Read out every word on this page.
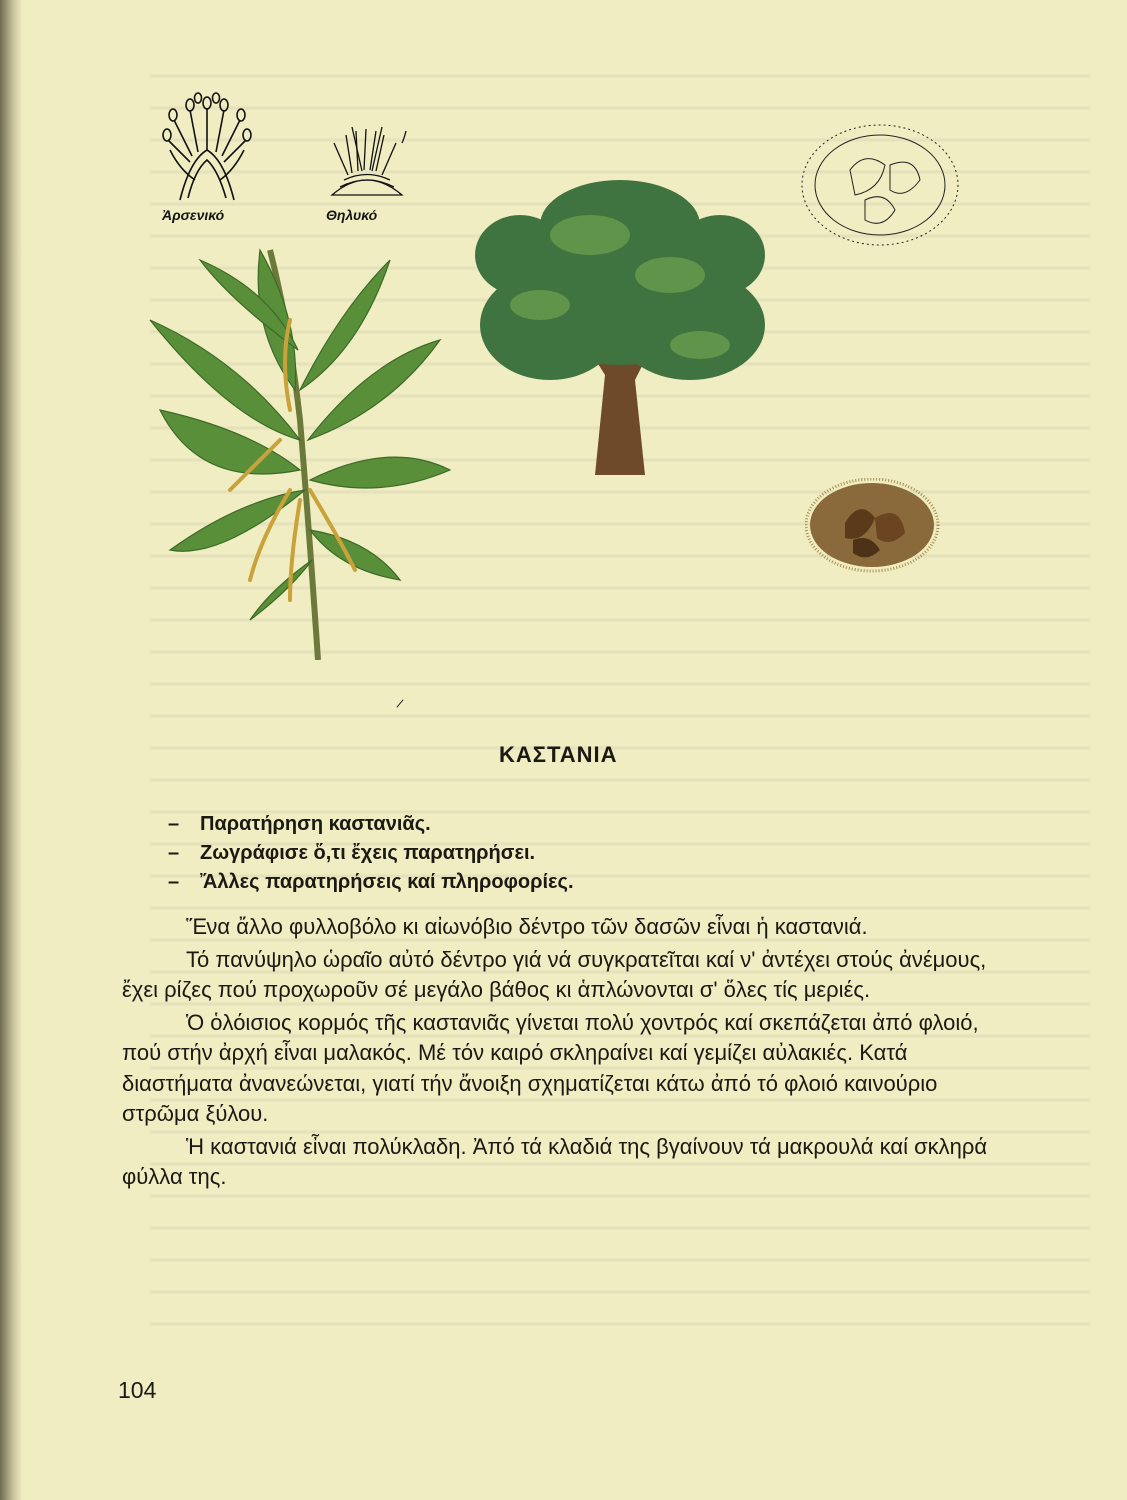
Ἀρσενικό	Θηλυκό
ΚΑΣΤΑΝΙΑ
– Παρατήρηση καστανιᾶς.
– Ζωγράφισε ὅ,τι ἔχεις παρατηρήσει.
– Ἄλλες παρατηρήσεις καί πληροφορίες.

Ἕνα ἄλλο φυλλοβόλο κι αἰωνόβιο δέντρο τῶν δασῶν εἶναι ἡ καστανιά.

Τό πανύψηλο ὡραῖο αὐτό δέντρο γιά νά συγκρατεῖται καί ν' ἀντέχει στούς ἀνέμους, ἔχει ρίζες πού προχωροῦν σέ μεγάλο βάθος κι ἁπλώνονται σ' ὅλες τίς μεριές.

Ὁ ὁλόισιος κορμός τῆς καστανιᾶς γίνεται πολύ χοντρός καί σκεπάζεται ἀπό φλοιό, πού στήν ἀρχή εἶναι μαλακός. Μέ τόν καιρό σκληραίνει καί γεμίζει αὐλακιές. Κατά διαστήματα ἀνανεώνεται, γιατί τήν ἄνοιξη σχηματίζεται κάτω ἀπό τό φλοιό καινούριο στρῶμα ξύλου.

Ἡ καστανιά εἶναι πολύκλαδη. Ἀπό τά κλαδιά της βγαίνουν τά μακρουλά καί σκληρά φύλλα της.

104
